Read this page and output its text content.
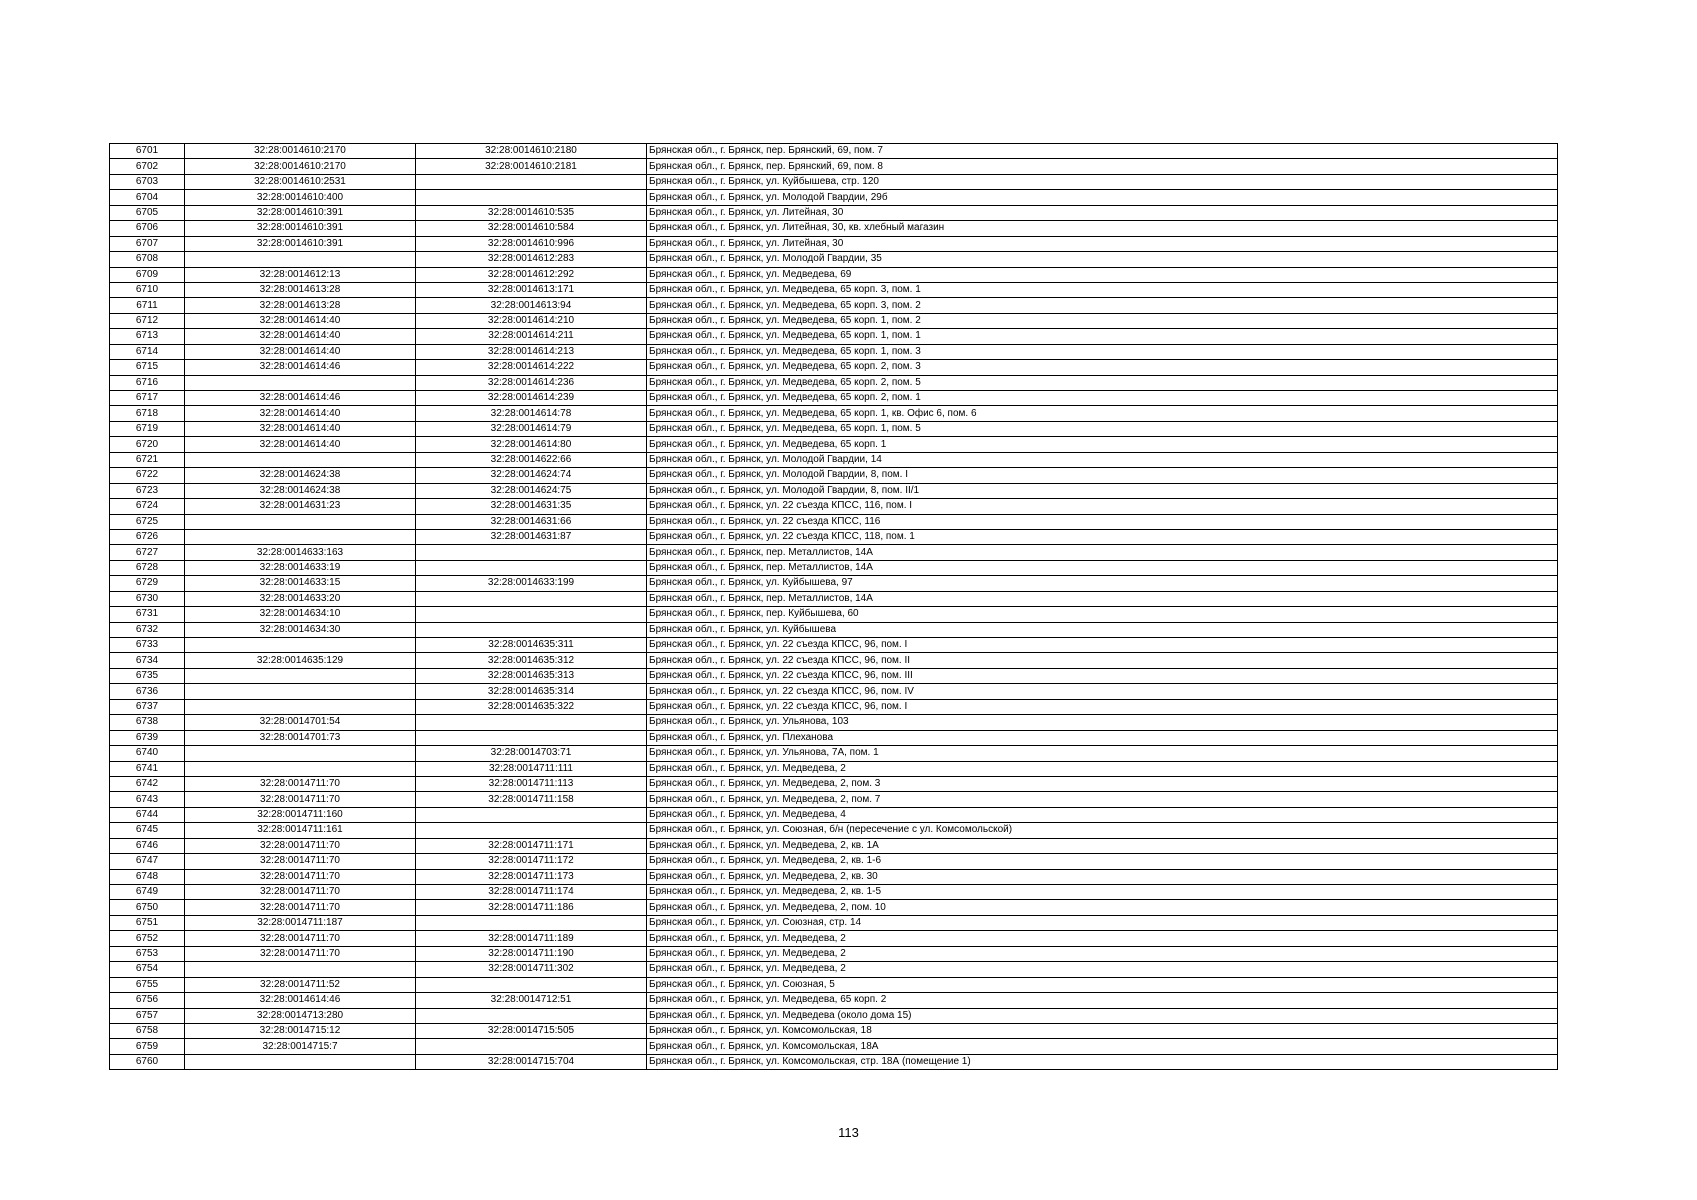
6701	32:28:0014610:2170	32:28:0014610:2180	Брянская обл., г. Брянск, пер. Брянский, 69, пом. 7
6702	32:28:0014610:2170	32:28:0014610:2181	Брянская обл., г. Брянск, пер. Брянский, 69, пом. 8
6703	32:28:0014610:2531		Брянская обл., г. Брянск, ул. Куйбышева, стр. 120
6704	32:28:0014610:400		Брянская обл., г. Брянск, ул. Молодой Гвардии, 29б
6705	32:28:0014610:391	32:28:0014610:535	Брянская обл., г. Брянск, ул. Литейная, 30
6706	32:28:0014610:391	32:28:0014610:584	Брянская обл., г. Брянск, ул. Литейная, 30, кв. хлебный магазин
6707	32:28:0014610:391	32:28:0014610:996	Брянская обл., г. Брянск, ул. Литейная, 30
6708		32:28:0014612:283	Брянская обл., г. Брянск, ул. Молодой Гвардии, 35
6709	32:28:0014612:13	32:28:0014612:292	Брянская обл., г. Брянск, ул. Медведева, 69
6710	32:28:0014613:28	32:28:0014613:171	Брянская обл., г. Брянск, ул. Медведева, 65 корп. 3, пом. 1
6711	32:28:0014613:28	32:28:0014613:94	Брянская обл., г. Брянск, ул. Медведева, 65 корп. 3, пом. 2
6712	32:28:0014614:40	32:28:0014614:210	Брянская обл., г. Брянск, ул. Медведева, 65 корп. 1, пом. 2
6713	32:28:0014614:40	32:28:0014614:211	Брянская обл., г. Брянск, ул. Медведева, 65 корп. 1, пом. 1
6714	32:28:0014614:40	32:28:0014614:213	Брянская обл., г. Брянск, ул. Медведева, 65 корп. 1, пом. 3
6715	32:28:0014614:46	32:28:0014614:222	Брянская обл., г. Брянск, ул. Медведева, 65 корп. 2, пом. 3
6716		32:28:0014614:236	Брянская обл., г. Брянск, ул. Медведева, 65 корп. 2, пом. 5
6717	32:28:0014614:46	32:28:0014614:239	Брянская обл., г. Брянск, ул. Медведева, 65 корп. 2, пом. 1
6718	32:28:0014614:40	32:28:0014614:78	Брянская обл., г. Брянск, ул. Медведева, 65 корп. 1, кв. Офис 6, пом. 6
6719	32:28:0014614:40	32:28:0014614:79	Брянская обл., г. Брянск, ул. Медведева, 65 корп. 1, пом. 5
6720	32:28:0014614:40	32:28:0014614:80	Брянская обл., г. Брянск, ул. Медведева, 65 корп. 1
6721		32:28:0014622:66	Брянская обл., г. Брянск, ул. Молодой Гвардии, 14
6722	32:28:0014624:38	32:28:0014624:74	Брянская обл., г. Брянск, ул. Молодой Гвардии, 8, пом. I
6723	32:28:0014624:38	32:28:0014624:75	Брянская обл., г. Брянск, ул. Молодой Гвардии, 8, пом. II/1
6724	32:28:0014631:23	32:28:0014631:35	Брянская обл., г. Брянск, ул. 22 съезда КПСС, 116, пом. I
6725		32:28:0014631:66	Брянская обл., г. Брянск, ул. 22 съезда КПСС, 116
6726		32:28:0014631:87	Брянская обл., г. Брянск, ул. 22 съезда КПСС, 118, пом. 1
6727	32:28:0014633:163		Брянская обл., г. Брянск, пер. Металлистов, 14А
6728	32:28:0014633:19		Брянская обл., г. Брянск, пер. Металлистов, 14А
6729	32:28:0014633:15	32:28:0014633:199	Брянская обл., г. Брянск, ул. Куйбышева, 97
6730	32:28:0014633:20		Брянская обл., г. Брянск, пер. Металлистов, 14А
6731	32:28:0014634:10		Брянская обл., г. Брянск, пер. Куйбышева, 60
6732	32:28:0014634:30		Брянская обл., г. Брянск, ул. Куйбышева
6733		32:28:0014635:311	Брянская обл., г. Брянск, ул. 22 съезда КПСС, 96, пом. I
6734	32:28:0014635:129	32:28:0014635:312	Брянская обл., г. Брянск, ул. 22 съезда КПСС, 96, пом. II
6735		32:28:0014635:313	Брянская обл., г. Брянск, ул. 22 съезда КПСС, 96, пом. III
6736		32:28:0014635:314	Брянская обл., г. Брянск, ул. 22 съезда КПСС, 96, пом. IV
6737		32:28:0014635:322	Брянская обл., г. Брянск, ул. 22 съезда КПСС, 96, пом. I
6738	32:28:0014701:54		Брянская обл., г. Брянск, ул. Ульянова, 103
6739	32:28:0014701:73		Брянская обл., г. Брянск, ул. Плеханова
6740		32:28:0014703:71	Брянская обл., г. Брянск, ул. Ульянова, 7А, пом. 1
6741		32:28:0014711:111	Брянская обл., г. Брянск, ул. Медведева, 2
6742	32:28:0014711:70	32:28:0014711:113	Брянская обл., г. Брянск, ул. Медведева, 2, пом. 3
6743	32:28:0014711:70	32:28:0014711:158	Брянская обл., г. Брянск, ул. Медведева, 2, пом. 7
6744	32:28:0014711:160		Брянская обл., г. Брянск, ул. Медведева, 4
6745	32:28:0014711:161		Брянская обл., г. Брянск, ул. Союзная, б/н (пересечение с ул. Комсомольской)
6746	32:28:0014711:70	32:28:0014711:171	Брянская обл., г. Брянск, ул. Медведева, 2, кв. 1А
6747	32:28:0014711:70	32:28:0014711:172	Брянская обл., г. Брянск, ул. Медведева, 2, кв. 1-6
6748	32:28:0014711:70	32:28:0014711:173	Брянская обл., г. Брянск, ул. Медведева, 2, кв. 30
6749	32:28:0014711:70	32:28:0014711:174	Брянская обл., г. Брянск, ул. Медведева, 2, кв. 1-5
6750	32:28:0014711:70	32:28:0014711:186	Брянская обл., г. Брянск, ул. Медведева, 2, пом. 10
6751	32:28:0014711:187		Брянская обл., г. Брянск, ул. Союзная, стр. 14
6752	32:28:0014711:70	32:28:0014711:189	Брянская обл., г. Брянск, ул. Медведева, 2
6753	32:28:0014711:70	32:28:0014711:190	Брянская обл., г. Брянск, ул. Медведева, 2
6754		32:28:0014711:302	Брянская обл., г. Брянск, ул. Медведева, 2
6755	32:28:0014711:52		Брянская обл., г. Брянск, ул. Союзная, 5
6756	32:28:0014614:46	32:28:0014712:51	Брянская обл., г. Брянск, ул. Медведева, 65 корп. 2
6757	32:28:0014713:280		Брянская обл., г. Брянск, ул. Медведева (около дома 15)
6758	32:28:0014715:12	32:28:0014715:505	Брянская обл., г. Брянск, ул. Комсомольская, 18
6759	32:28:0014715:7		Брянская обл., г. Брянск, ул. Комсомольская, 18А
6760		32:28:0014715:704	Брянская обл., г. Брянск, ул. Комсомольская, стр. 18А (помещение 1)
113
